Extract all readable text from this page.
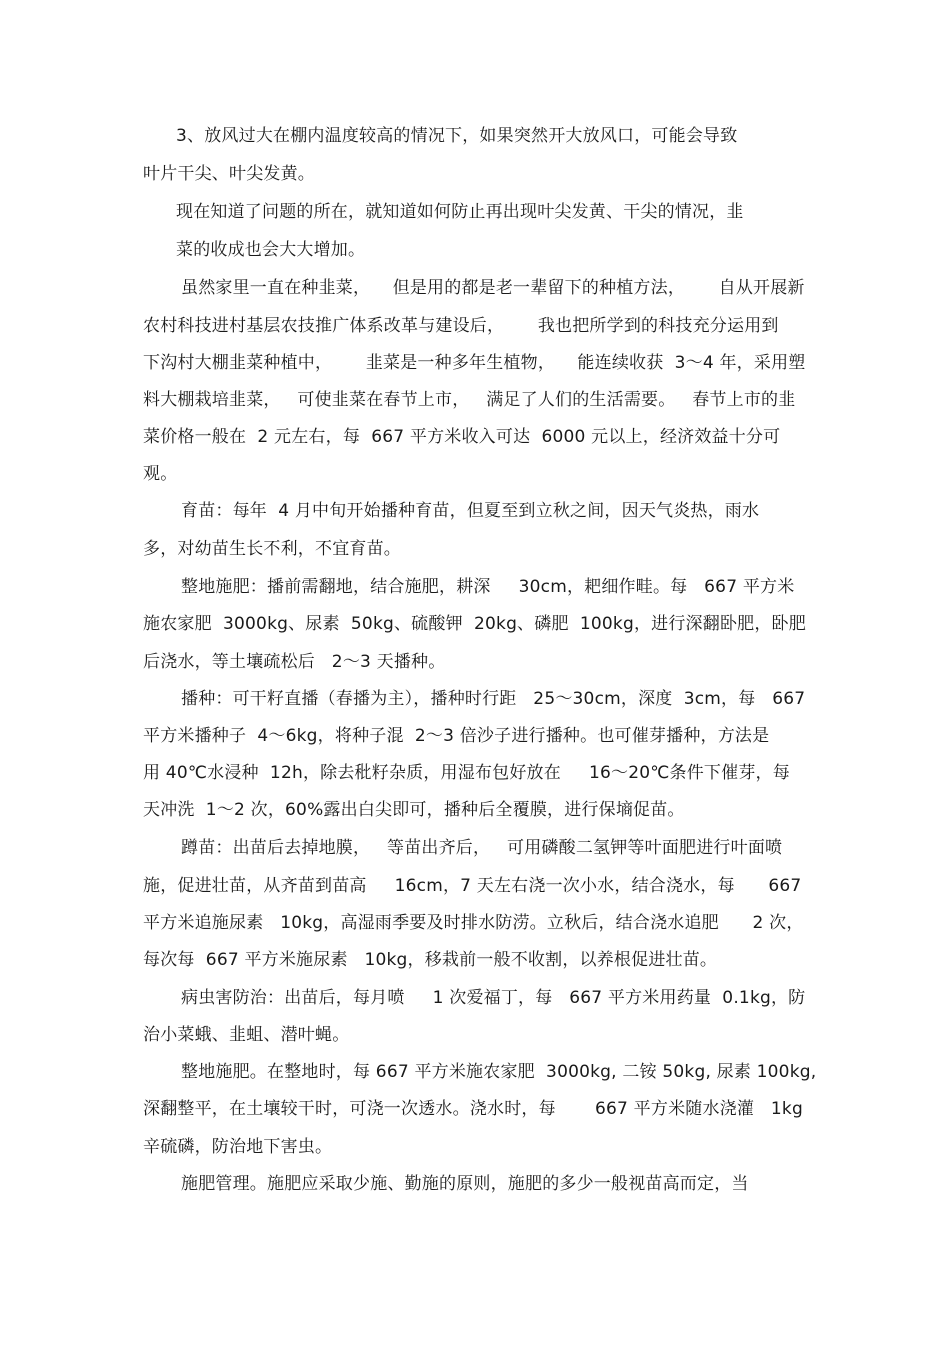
3、放风过大在棚内温度较高的情况下，如果突然开大放风口，可能会导致
叶片干尖、叶尖发黄。
现在知道了问题的所在，就知道如何防止再出现叶尖发黄、干尖的情况，韭
菜的收成也会大大增加。
虽然家里一直在种韭菜，    但是用的都是老一辈留下的种植方法，      自从开展新
农村科技进村基层农技推广体系改革与建设后，      我也把所学到的科技充分运用到
下沟村大棚韭菜种植中，      韭菜是一种多年生植物，    能连续收获  3～4 年，采用塑
料大棚栽培韭菜，   可使韭菜在春节上市，   满足了人们的生活需要。   春节上市的韭
菜价格一般在  2 元左右，每  667 平方米收入可达  6000 元以上，经济效益十分可
观。
育苗：每年  4 月中旬开始播种育苗，但夏至到立秋之间，因天气炎热，雨水
多，对幼苗生长不利，不宜育苗。
整地施肥：播前需翻地，结合施肥，耕深     30cm，耙细作畦。每   667 平方米
施农家肥  3000kg、尿素  50kg、硫酸钾  20kg、磷肥  100kg，进行深翻卧肥，卧肥
后浇水，等土壤疏松后   2～3 天播种。
播种：可干籽直播（春播为主），播种时行距   25～30cm，深度  3cm，每   667
平方米播种子  4～6kg，将种子混  2～3 倍沙子进行播种。也可催芽播种，方法是
用 40℃水浸种  12h，除去秕籽杂质，用湿布包好放在     16～20℃条件下催芽，每
天冲洗  1～2 次，60%露出白尖即可，播种后全覆膜，进行保墒促苗。
蹲苗：出苗后去掉地膜，   等苗出齐后，   可用磷酸二氢钾等叶面肥进行叶面喷
施，促进壮苗，从齐苗到苗高     16cm，7 天左右浇一次小水，结合浇水，每      667
平方米追施尿素   10kg，高湿雨季要及时排水防涝。立秋后，结合浇水追肥      2 次，
每次每  667 平方米施尿素   10kg，移栽前一般不收割，以养根促进壮苗。
病虫害防治：出苗后，每月喷     1 次爱福丁，每   667 平方米用药量  0.1kg，防
治小菜蛾、韭蛆、潜叶蝇。
整地施肥。在整地时，每 667 平方米施农家肥  3000kg, 二铵 50kg, 尿素 100kg,
深翻整平，在土壤较干时，可浇一次透水。浇水时，每       667 平方米随水浇灌   1kg
辛硫磷，防治地下害虫。
施肥管理。施肥应采取少施、勤施的原则，施肥的多少一般视苗高而定，当
